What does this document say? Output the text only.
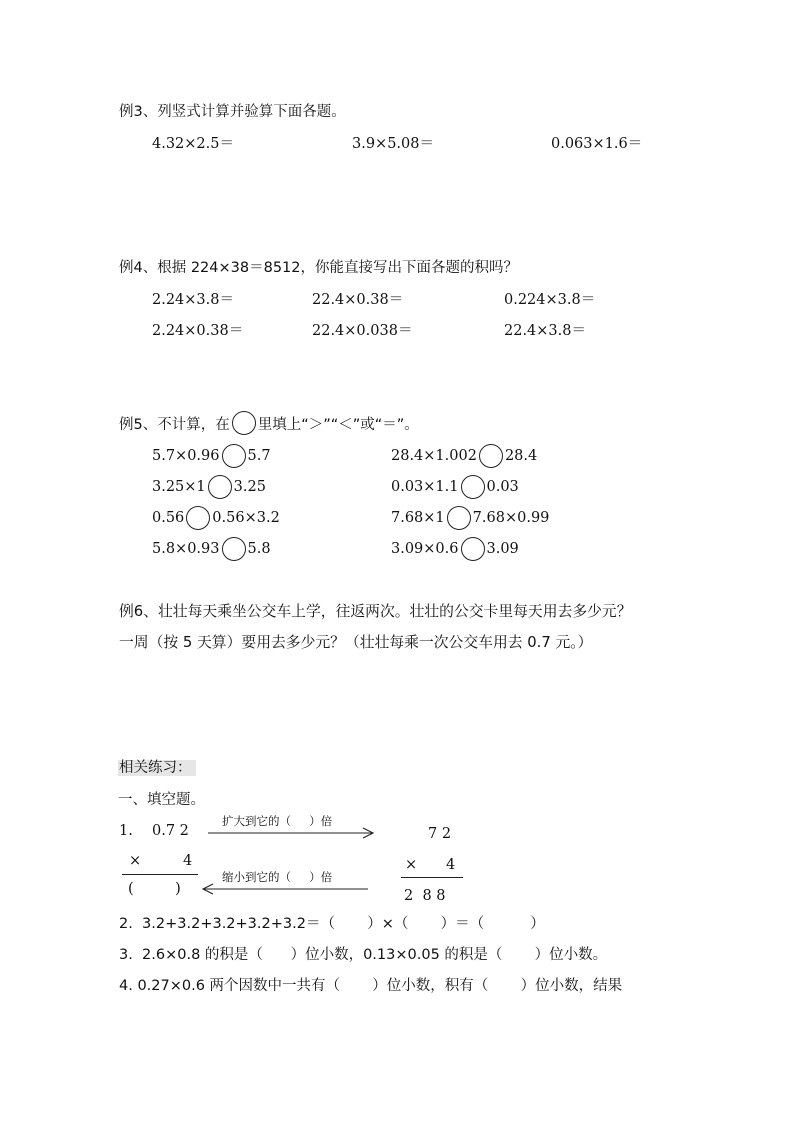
例3、列竖式计算并验算下面各题。
4.32×2.5＝	3.9×5.08＝	0.063×1.6＝
例4、根据 224×38＝8512，你能直接写出下面各题的积吗？
2.24×3.8＝	22.4×0.38＝	0.224×3.8＝
2.24×0.38＝	22.4×0.038＝	22.4×3.8＝
例5、不计算，在 里填上“＞”“＜”或“＝”。
5.7×0.96 5.7	28.4×1.002 28.4
3.25×1 3.25	0.03×1.1 0.03
0.56 0.56×3.2	7.68×1 7.68×0.99
5.8×0.93 5.8	3.09×0.6 3.09
例6、壮壮每天乘坐公交车上学，往返两次。壮壮的公交卡里每天用去多少元？
一周（按 5 天算）要用去多少元？（壮壮每乘一次公交车用去 0.7 元。）
相关练习：
一、填空题。
1. 0.7 2
扩大到它的（     ）倍
×	4
(         )
缩小到它的（     ）倍
7 2
× 4
2  8 8
2.  3.2+3.2+3.2+3.2+3.2＝（       ）×（       ）＝（          ）
3.  2.6×0.8 的积是（      ）位小数，0.13×0.05 的积是（       ）位小数。
4. 0.27×0.6 两个因数中一共有（       ）位小数，积有（       ）位小数，结果
